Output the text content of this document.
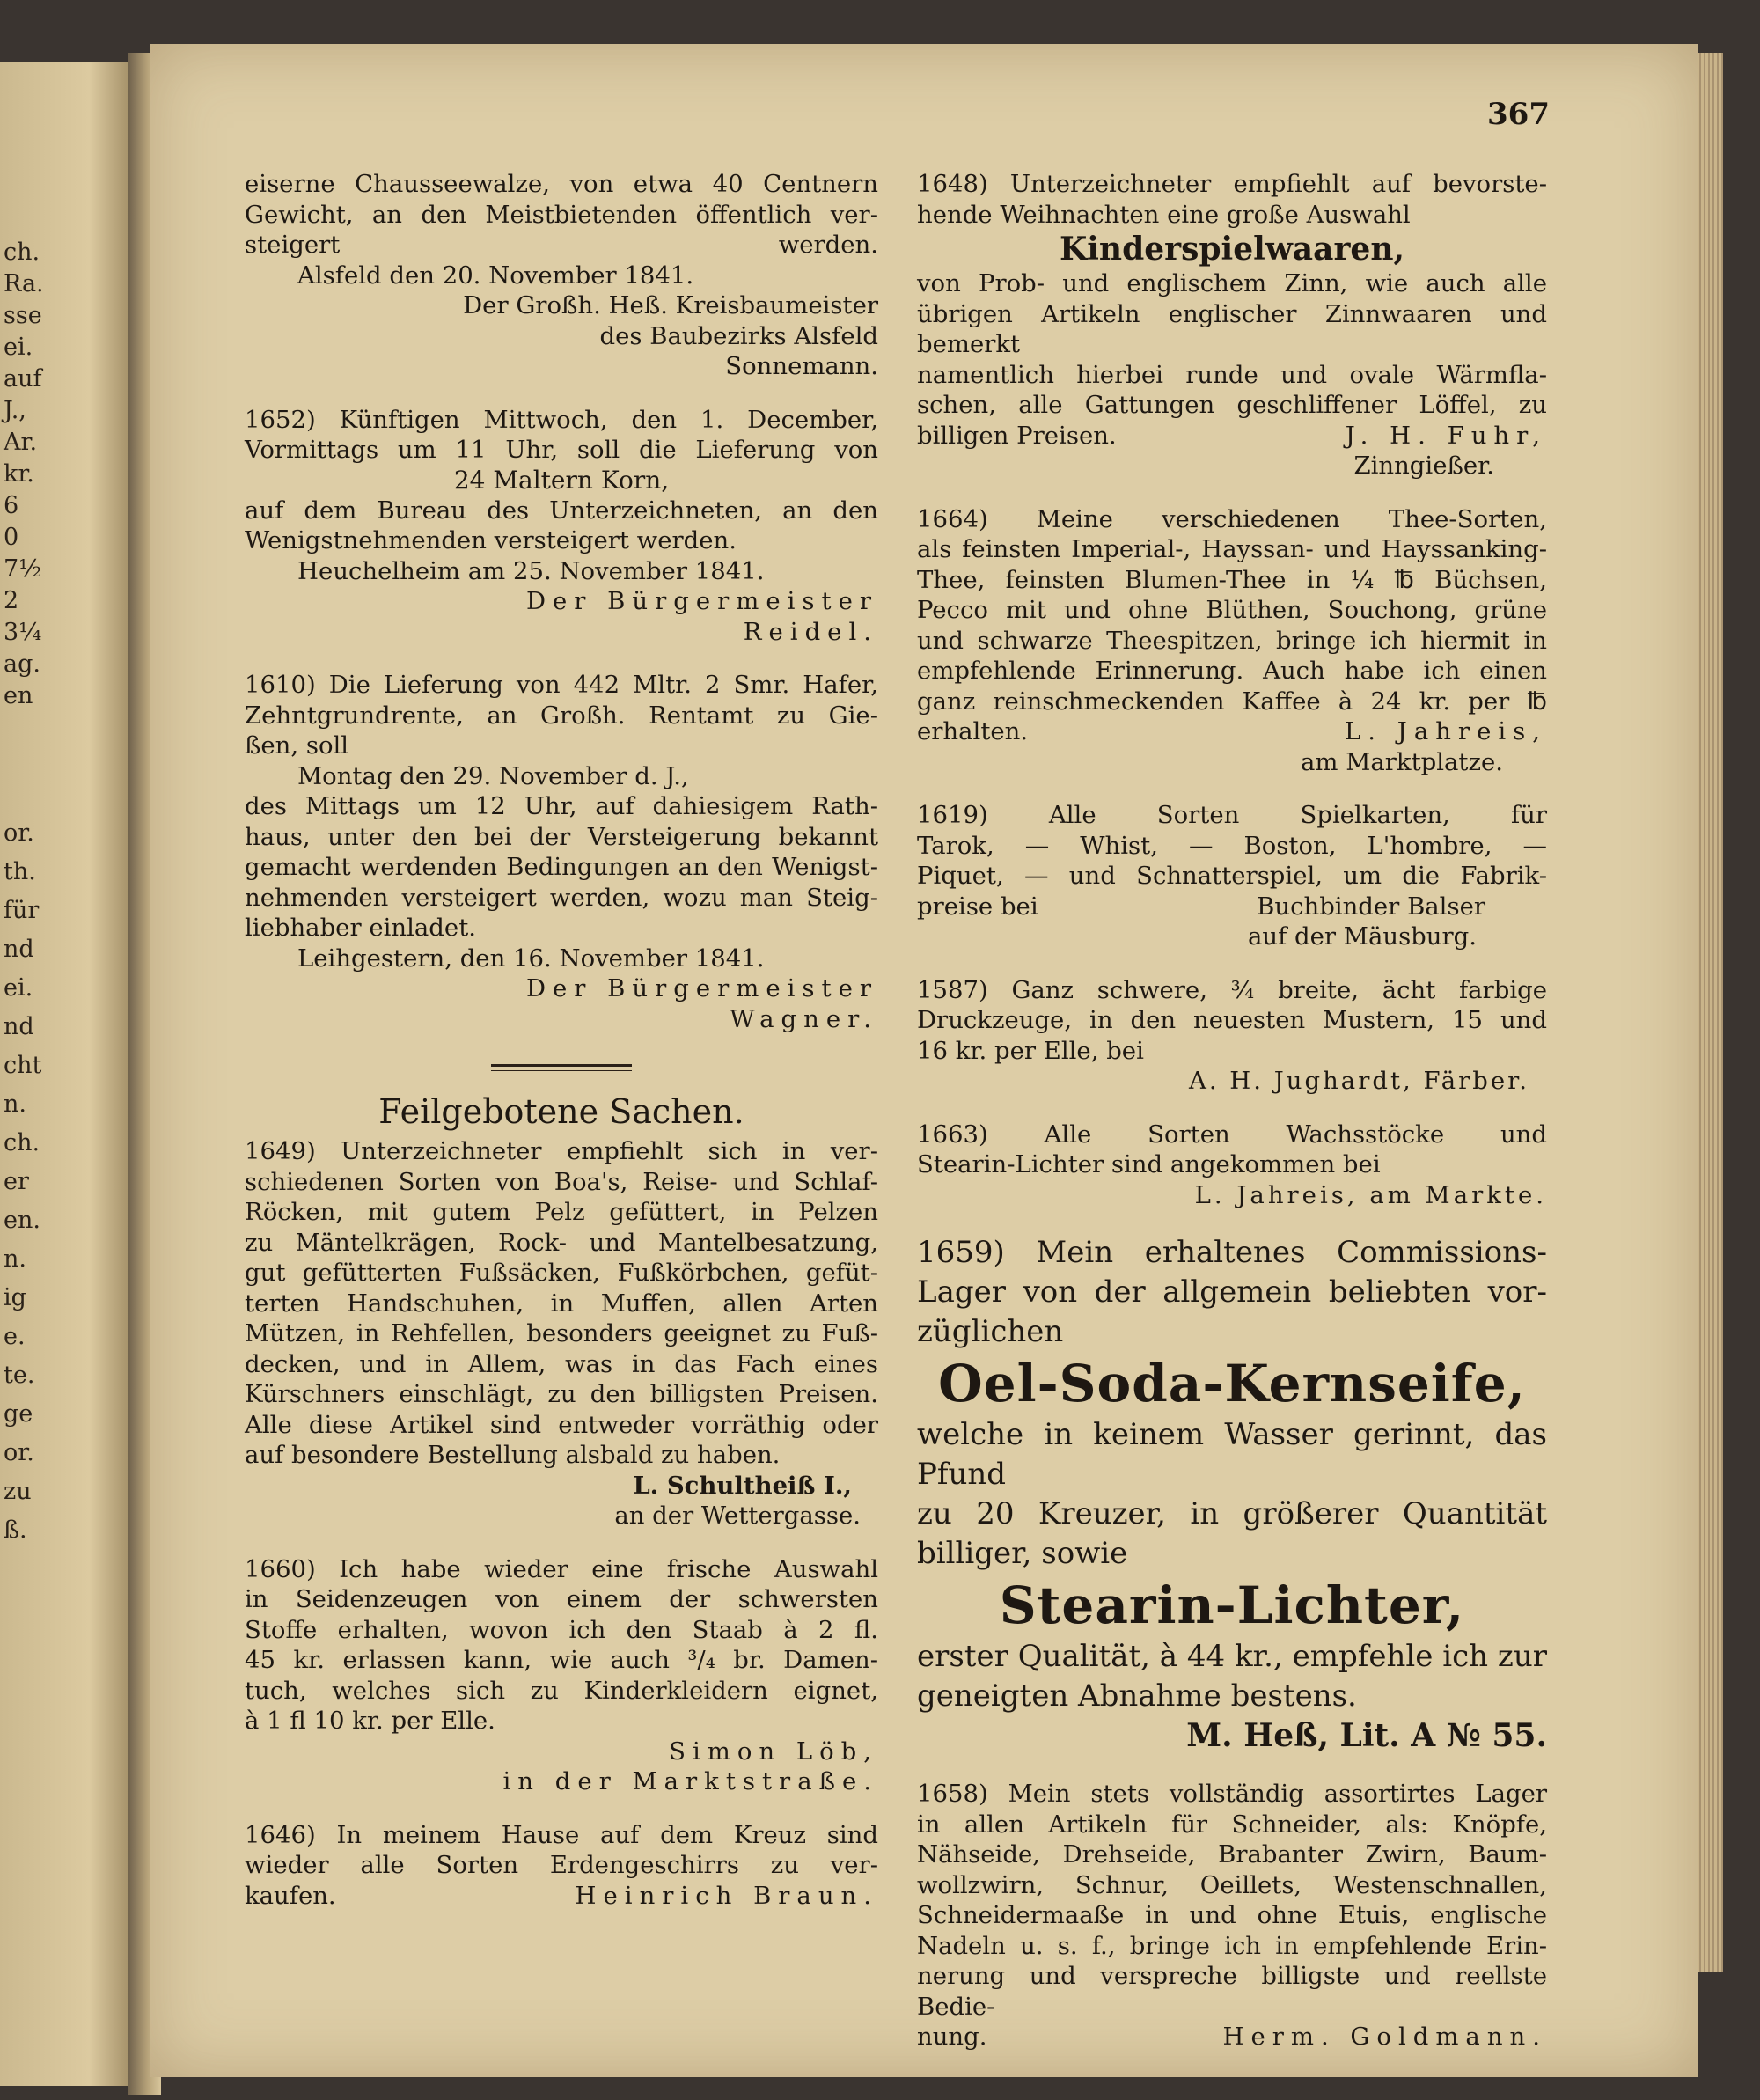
ch.
Ra.
sse
ei.
auf
J.,
Ar.
kr.
6
0
7½
2
3¼
ag.
en
or.
th.
für
nd
ei.
nd
cht
n.
ch.
er
en.
n.
ig
e.
te.
ge
or.
zu
ß.
367

eiserne Chausseewalze, von etwa 40 Centnern

Gewicht, an den Meistbietenden öffentlich ver-

steigert werden.

Alsfeld den 20. November 1841.

Der Großh. Heß. Kreisbaumeister

des Baubezirks Alsfeld

Sonnemann.

1652) Künftigen Mittwoch, den 1. December,

Vormittags um 11 Uhr, soll die Lieferung von

24 Maltern Korn,

auf dem Bureau des Unterzeichneten, an den

Wenigstnehmenden versteigert werden.

Heuchelheim am 25. November 1841.

Der Bürgermeister

Reidel.

1610) Die Lieferung von 442 Mltr. 2 Smr. Hafer,

Zehntgrundrente, an Großh. Rentamt zu Gie-

ßen, soll

Montag den 29. November d. J.,

des Mittags um 12 Uhr, auf dahiesigem Rath-

haus, unter den bei der Versteigerung bekannt

gemacht werdenden Bedingungen an den Wenigst-

nehmenden versteigert werden, wozu man Steig-

liebhaber einladet.

Leihgestern, den 16. November 1841.

Der Bürgermeister

Wagner.

Feilgebotene Sachen.

1649) Unterzeichneter empfiehlt sich in ver-

schiedenen Sorten von Boa's, Reise- und Schlaf-

Röcken, mit gutem Pelz gefüttert, in Pelzen

zu Mäntelkrägen, Rock- und Mantelbesatzung,

gut gefütterten Fußsäcken, Fußkörbchen, gefüt-

terten Handschuhen, in Muffen, allen Arten

Mützen, in Rehfellen, besonders geeignet zu Fuß-

decken, und in Allem, was in das Fach eines

Kürschners einschlägt, zu den billigsten Preisen.

Alle diese Artikel sind entweder vorräthig oder

auf besondere Bestellung alsbald zu haben.

L. Schultheiß I.,

an der Wettergasse.

1660) Ich habe wieder eine frische Auswahl

in Seidenzeugen von einem der schwersten

Stoffe erhalten, wovon ich den Staab à 2 fl.

45 kr. erlassen kann, wie auch ³/₄ br. Damen-

tuch, welches sich zu Kinderkleidern eignet,

à 1 fl 10 kr. per Elle.

Simon Löb,

in der Marktstraße.

1646) In meinem Hause auf dem Kreuz sind

wieder alle Sorten Erdengeschirrs zu ver-

kaufen.	Heinrich Braun.

1648) Unterzeichneter empfiehlt auf bevorste-

hende Weihnachten eine große Auswahl

Kinderspielwaaren,

von Prob- und englischem Zinn, wie auch alle

übrigen Artikeln englischer Zinnwaaren und bemerkt

namentlich hierbei runde und ovale Wärmfla-

schen, alle Gattungen geschliffener Löffel, zu

billigen Preisen.	J. H. Fuhr,

Zinngießer.

1664) Meine verschiedenen Thee-Sorten,

als feinsten Imperial-, Hayssan- und Hayssanking-

Thee, feinsten Blumen-Thee in ¼ ℔ Büchsen,

Pecco mit und ohne Blüthen, Souchong, grüne

und schwarze Theespitzen, bringe ich hiermit in

empfehlende Erinnerung. Auch habe ich einen

ganz reinschmeckenden Kaffee à 24 kr. per ℔

erhalten.	L. Jahreis,

am Marktplatze.

1619) Alle Sorten Spielkarten, für

Tarok, — Whist, — Boston, L'hombre, —

Piquet, — und Schnatterspiel, um die Fabrik-

preise bei	Buchbinder Balser

auf der Mäusburg.

1587) Ganz schwere, ¾ breite, ächt farbige

Druckzeuge, in den neuesten Mustern, 15 und

16 kr. per Elle, bei

A. H. Jughardt, Färber.

1663) Alle Sorten Wachsstöcke und

Stearin-Lichter sind angekommen bei

L. Jahreis, am Markte.

1659) Mein erhaltenes Commissions-

Lager von der allgemein beliebten vor-

züglichen

Oel-Soda-Kernseife,

welche in keinem Wasser gerinnt, das Pfund

zu 20 Kreuzer, in größerer Quantität

billiger, sowie

Stearin-Lichter,

erster Qualität, à 44 kr., empfehle ich zur

geneigten Abnahme bestens.

M. Heß, Lit. A № 55.

1658) Mein stets vollständig assortirtes Lager

in allen Artikeln für Schneider, als: Knöpfe,

Nähseide, Drehseide, Brabanter Zwirn, Baum-

wollzwirn, Schnur, Oeillets, Westenschnallen,

Schneidermaaße in und ohne Etuis, englische

Nadeln u. s. f., bringe ich in empfehlende Erin-

nerung und verspreche billigste und reellste Bedie-

nung.	Herm. Goldmann.
